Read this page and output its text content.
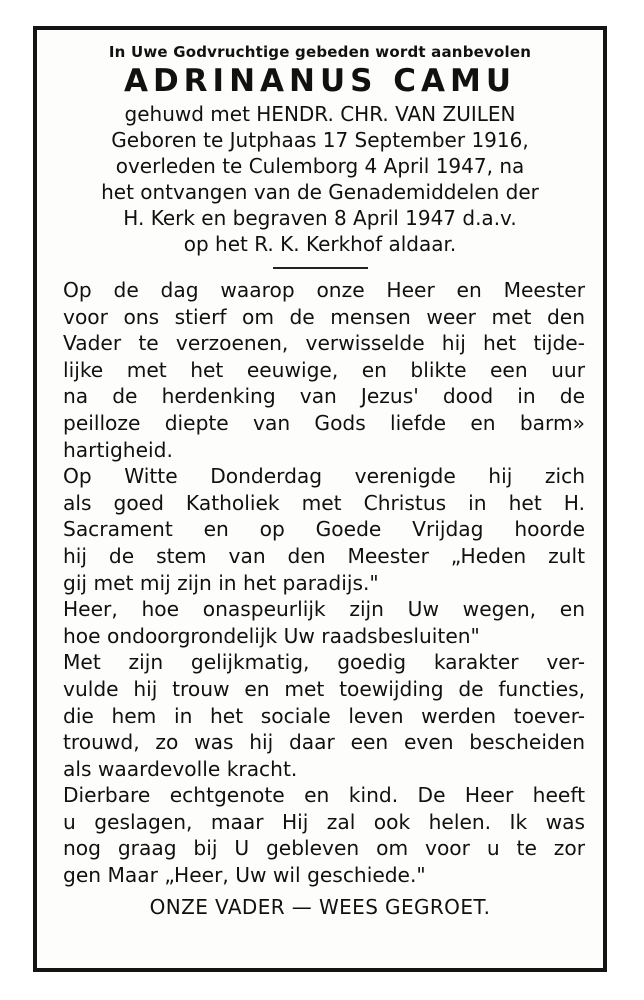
In Uwe Godvruchtige gebeden wordt aanbevolen
ADRINANUS CAMU
gehuwd met HENDR. CHR. VAN ZUILEN
Geboren te Jutphaas 17 September 1916,
overleden te Culemborg 4 April 1947, na
het ontvangen van de Genademiddelen der
H. Kerk en begraven 8 April 1947 d.a.v.
op het R. K. Kerkhof aldaar.
Op de dag waarop onze Heer en Meester
voor ons stierf om de mensen weer met den
Vader te verzoenen, verwisselde hij het tijde-
lijke met het eeuwige, en blikte een uur
na de herdenking van Jezus' dood in de
peilloze diepte van Gods liefde en barm»
hartigheid.
Op Witte Donderdag verenigde hij zich
als goed Katholiek met Christus in het H.
Sacrament en op Goede Vrijdag hoorde
hij de stem van den Meester „Heden zult
gij met mij zijn in het paradijs."
Heer, hoe onaspeurlijk zijn Uw wegen, en
hoe ondoorgrondelijk Uw raadsbesluiten"
Met zijn gelijkmatig, goedig karakter ver-
vulde hij trouw en met toewijding de functies,
die hem in het sociale leven werden toever-
trouwd, zo was hij daar een even bescheiden
als waardevolle kracht.
Dierbare echtgenote en kind. De Heer heeft
u geslagen, maar Hij zal ook helen. Ik was
nog graag bij U gebleven om voor u te zor
gen Maar „Heer, Uw wil geschiede."
ONZE VADER — WEES GEGROET.
